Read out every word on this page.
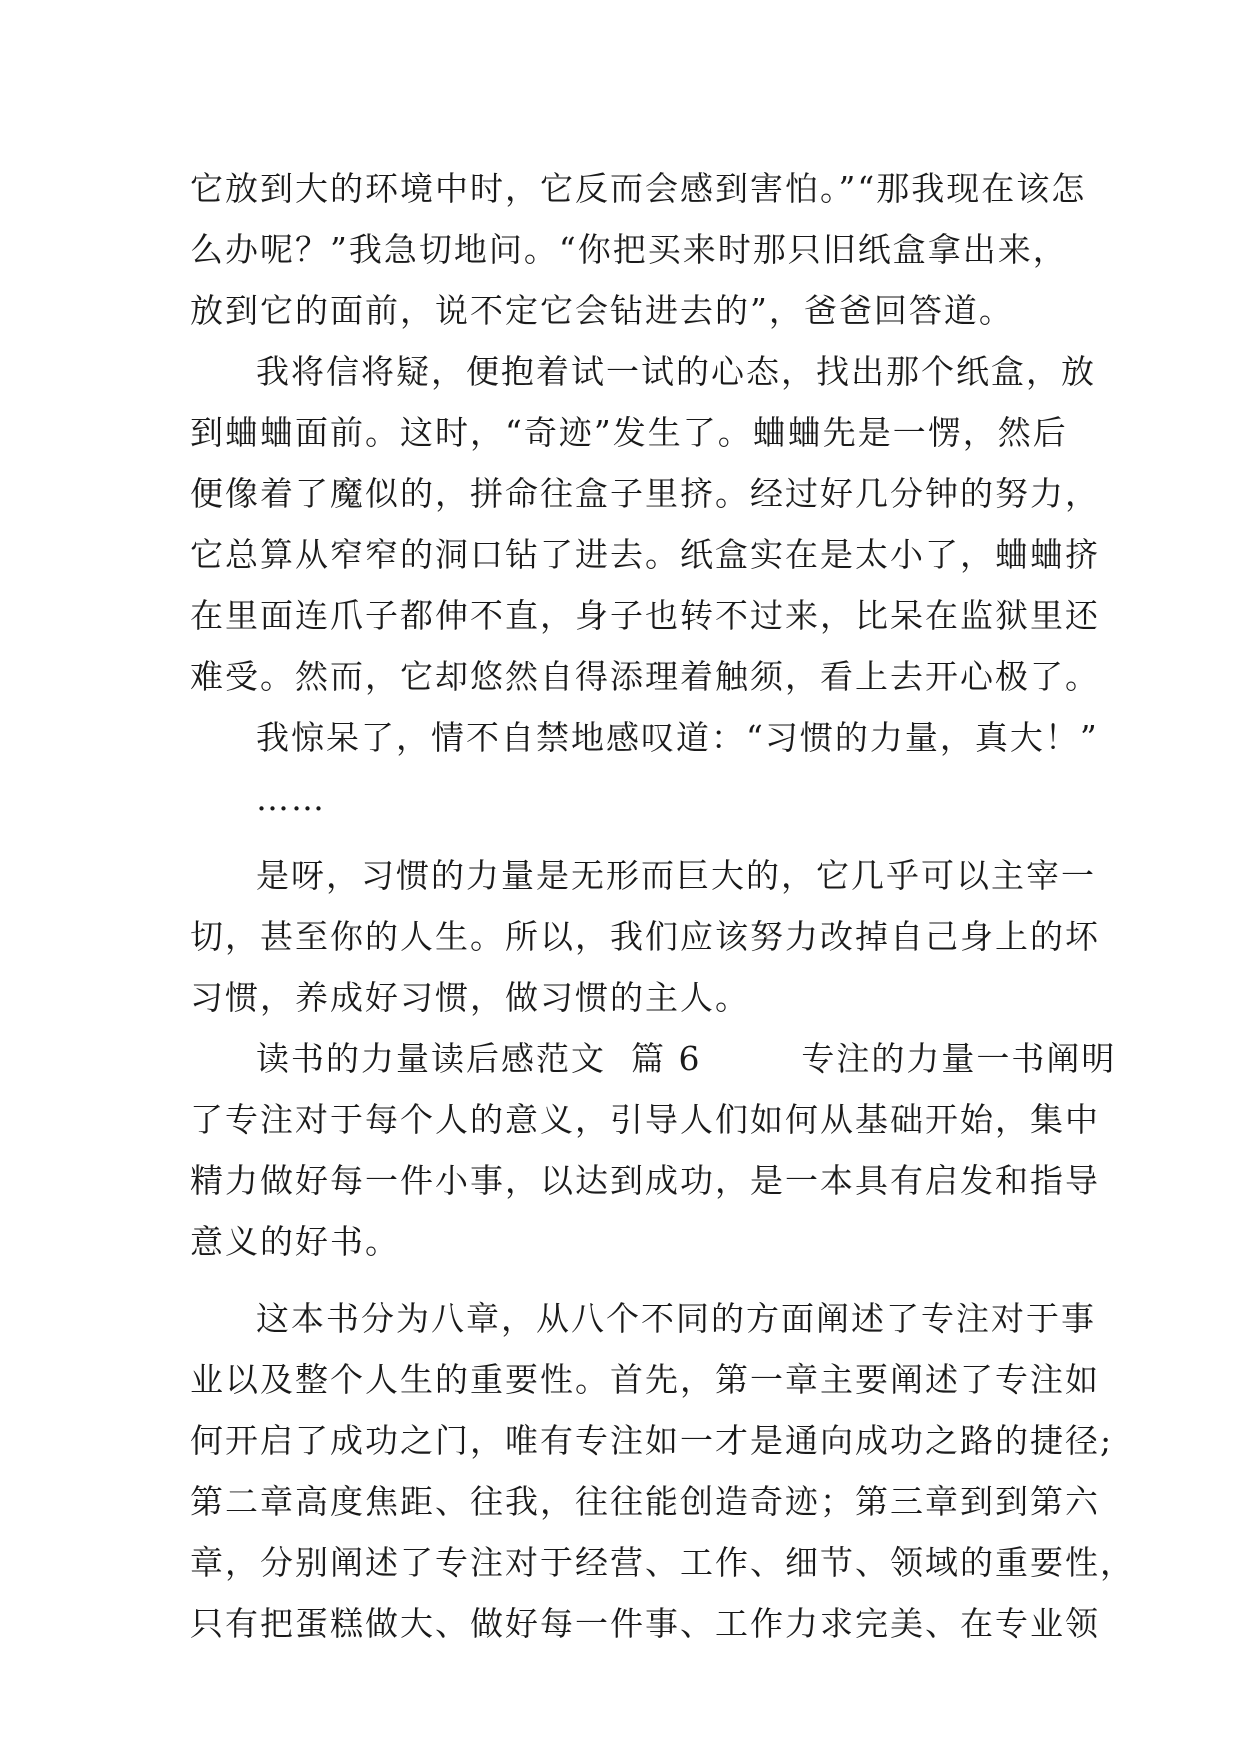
它放到大的环境中时，它反而会感到害怕。”“那我现在该怎
么办呢？”我急切地问。“你把买来时那只旧纸盒拿出来，
放到它的面前，说不定它会钻进去的”，爸爸回答道。
我将信将疑，便抱着试一试的心态，找出那个纸盒，放
到蛐蛐面前。这时，“奇迹”发生了。蛐蛐先是一愣，然后
便像着了魔似的，拼命往盒子里挤。经过好几分钟的努力，
它总算从窄窄的洞口钻了进去。纸盒实在是太小了，蛐蛐挤
在里面连爪子都伸不直，身子也转不过来，比呆在监狱里还
难受。然而，它却悠然自得添理着触须，看上去开心极了。
我惊呆了，情不自禁地感叹道：“习惯的力量，真大！”
……
是呀，习惯的力量是无形而巨大的，它几乎可以主宰一
切，甚至你的人生。所以，我们应该努力改掉自己身上的坏
习惯，养成好习惯，做习惯的主人。
读书的力量读后感范文  篇 6        专注的力量一书阐明
了专注对于每个人的意义，引导人们如何从基础开始，集中
精力做好每一件小事，以达到成功，是一本具有启发和指导
意义的好书。
这本书分为八章，从八个不同的方面阐述了专注对于事
业以及整个人生的重要性。首先，第一章主要阐述了专注如
何开启了成功之门，唯有专注如一才是通向成功之路的捷径;
第二章高度焦距、往我，往往能创造奇迹；第三章到到第六
章，分别阐述了专注对于经营、工作、细节、领域的重要性，
只有把蛋糕做大、做好每一件事、工作力求完美、在专业领
